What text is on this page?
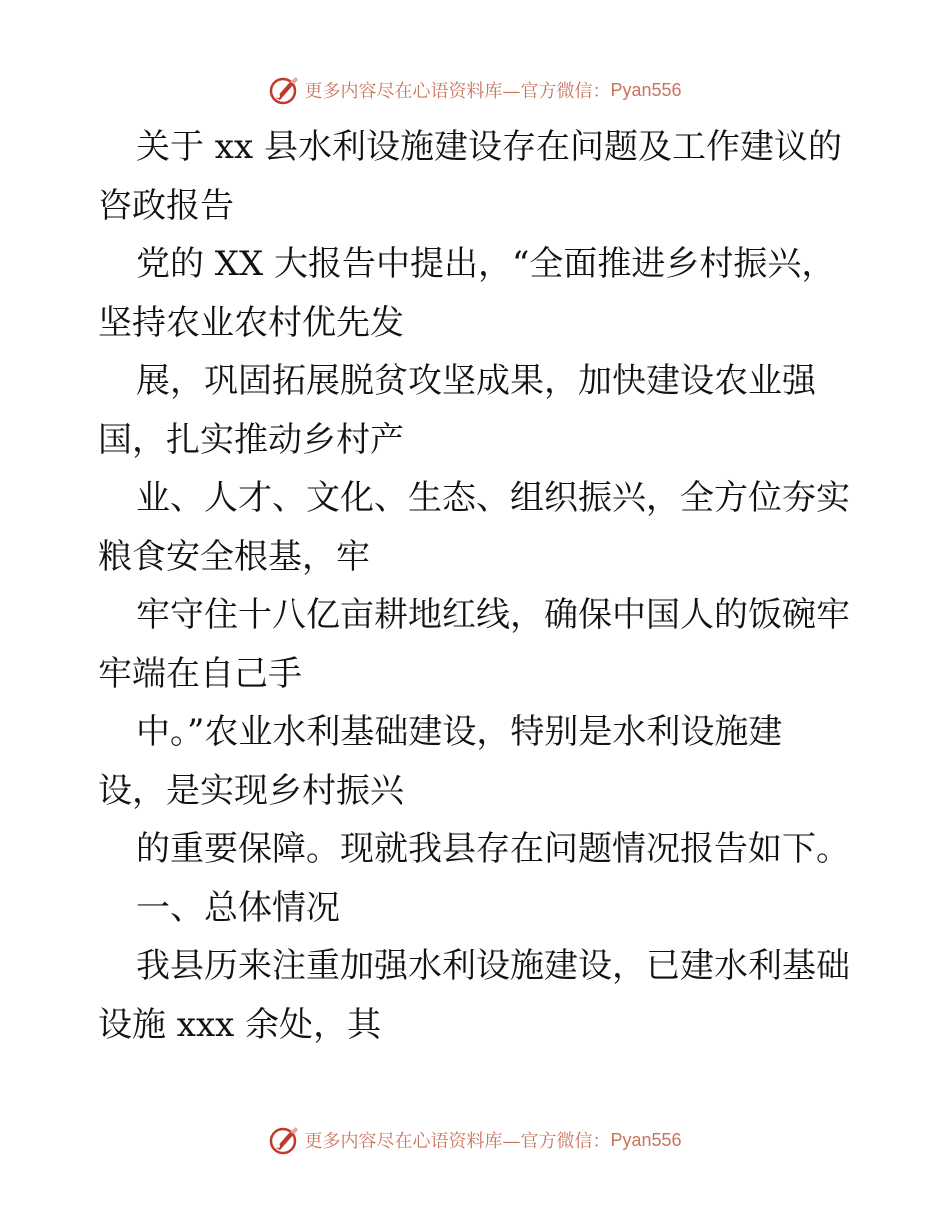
更多内容尽在心语资料库—官方微信： Pyan556
关于 xx 县水利设施建设存在问题及工作建议的
咨政报告
党的 XX 大报告中提出，“全面推进乡村振兴，
坚持农业农村优先发
展，巩固拓展脱贫攻坚成果，加快建设农业强
国，扎实推动乡村产
业、人才、文化、生态、组织振兴，全方位夯实
粮食安全根基，牢
牢守住十八亿亩耕地红线，确保中国人的饭碗牢
牢端在自己手
中。”农业水利基础建设，特别是水利设施建
设，是实现乡村振兴
的重要保障。现就我县存在问题情况报告如下。
一、总体情况
我县历来注重加强水利设施建设，已建水利基础
设施 xxx 余处，其
更多内容尽在心语资料库—官方微信： Pyan556
